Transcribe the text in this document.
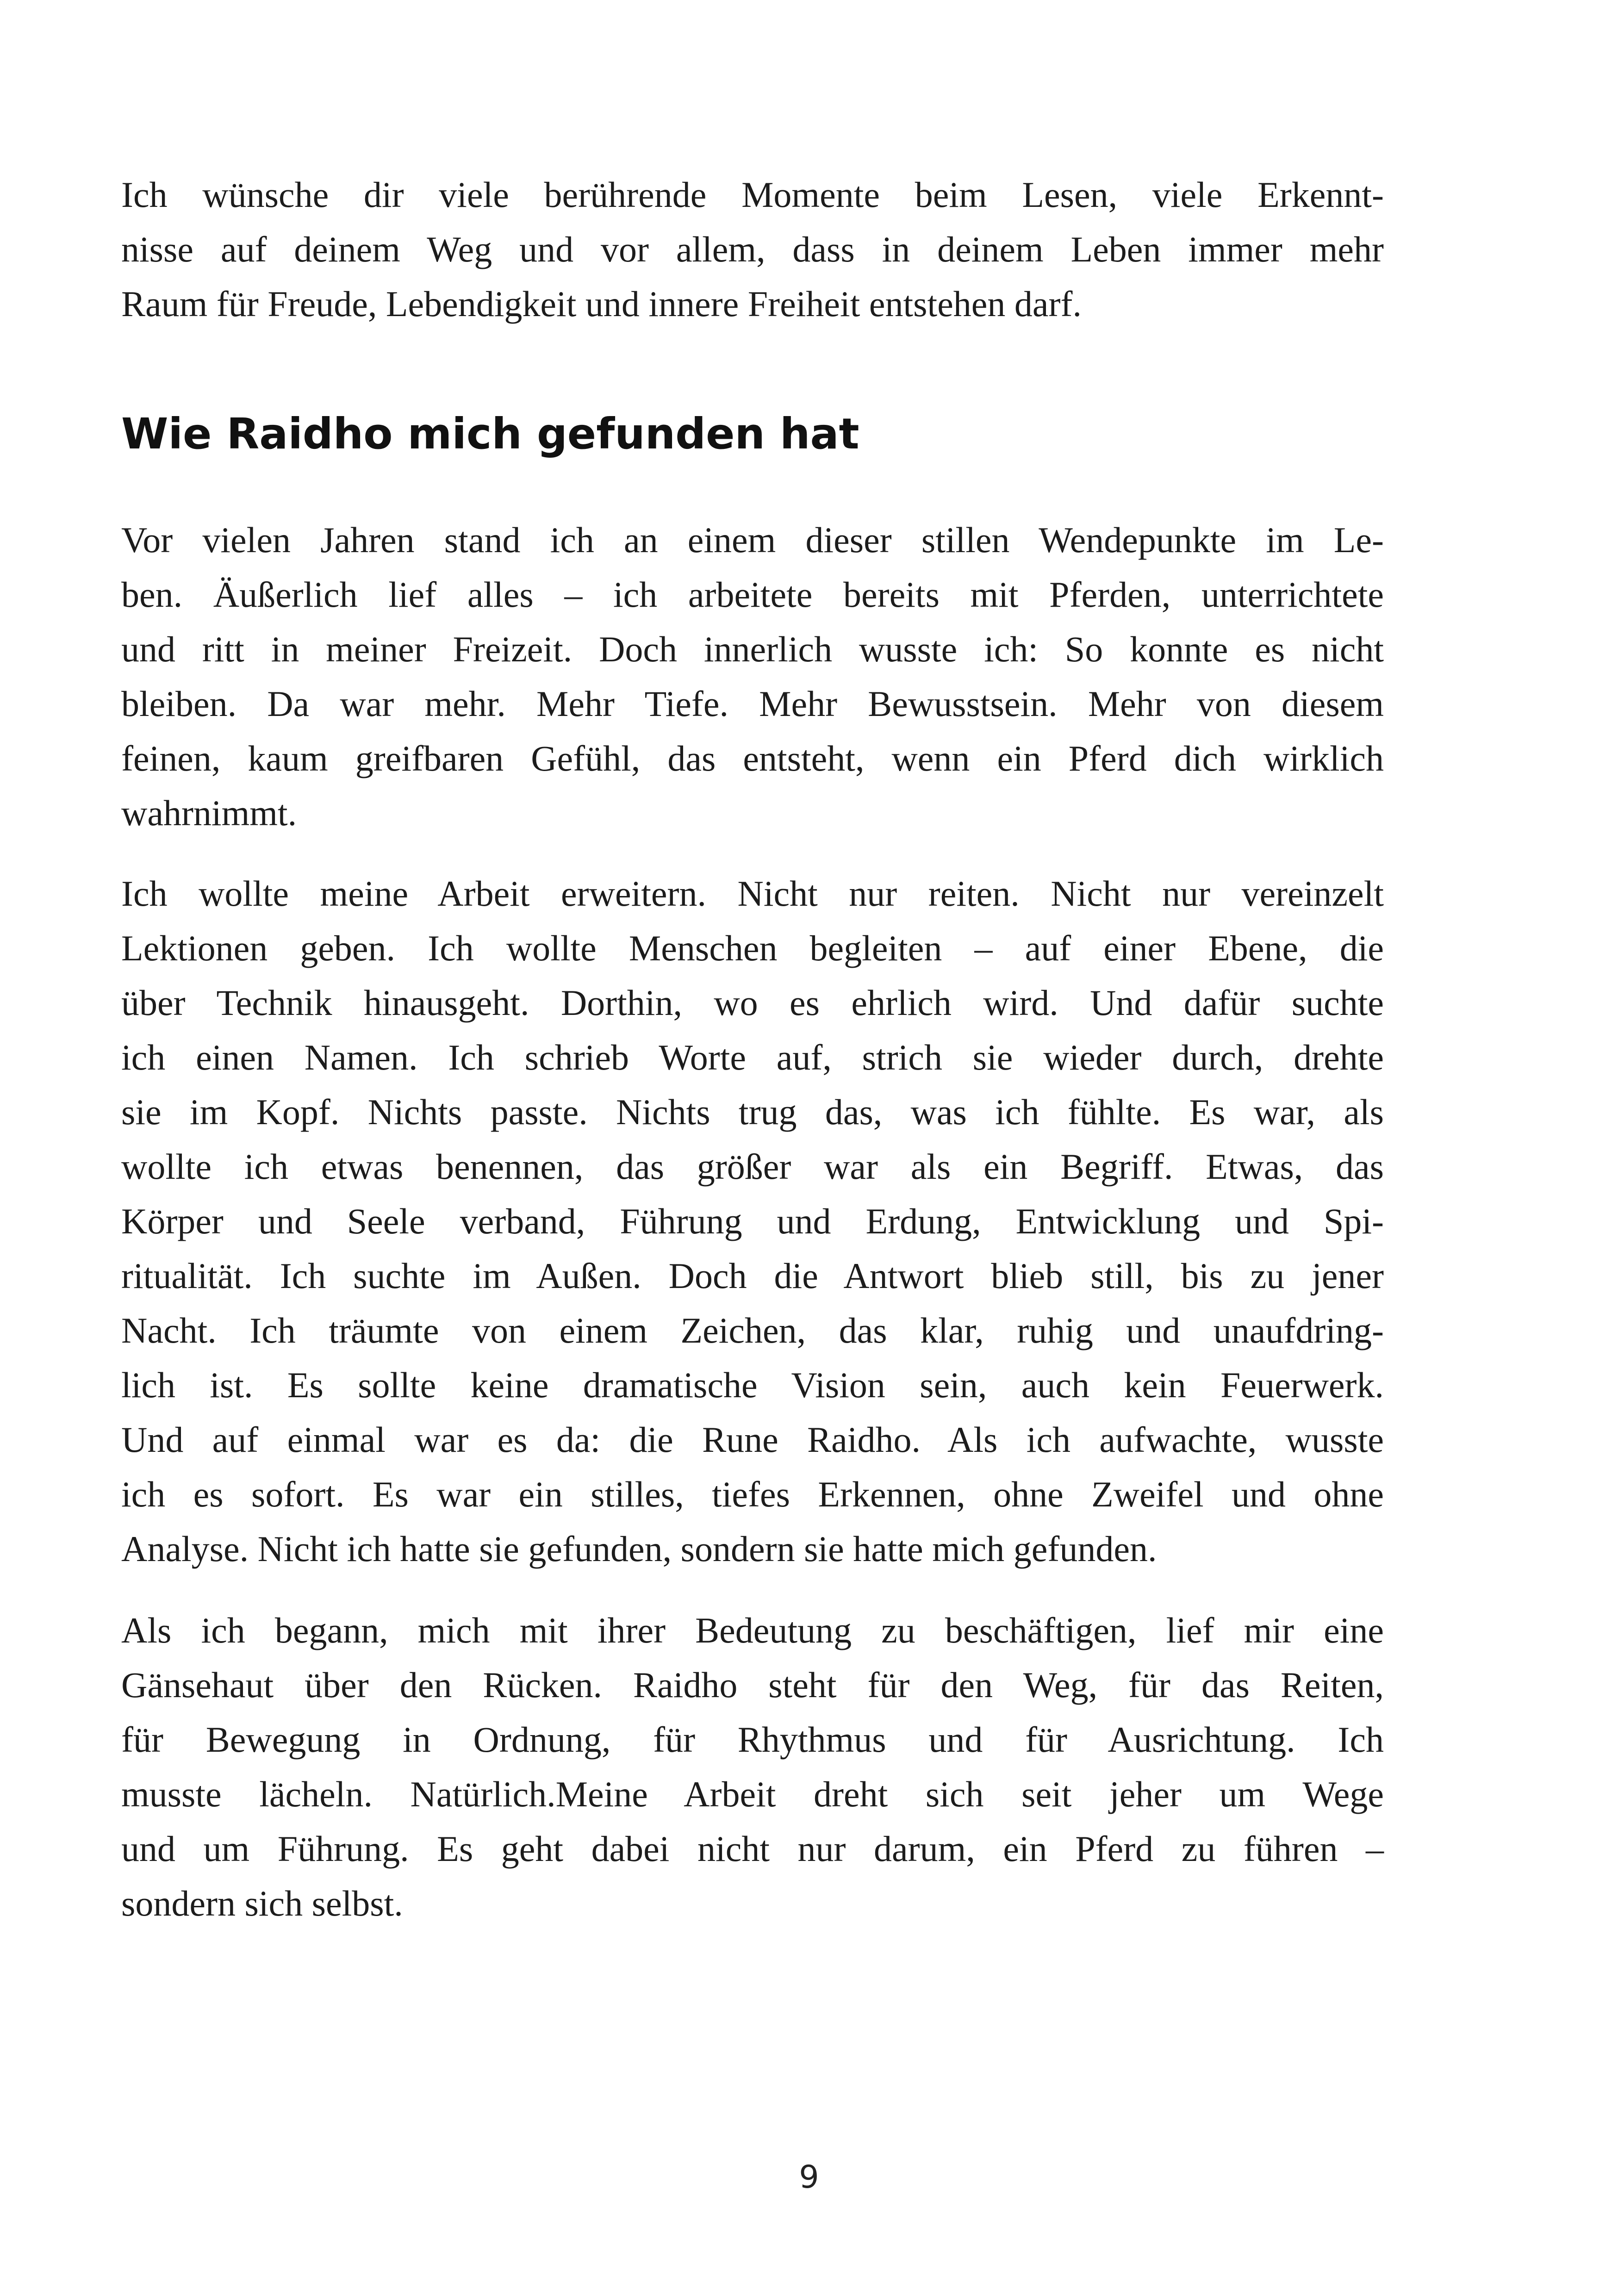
Ich wünsche dir viele berührende Momente beim Lesen, viele Erkennt-
nisse auf deinem Weg und vor allem, dass in deinem Leben immer mehr
Raum für Freude, Lebendigkeit und innere Freiheit entstehen darf.
Wie Raidho mich gefunden hat
Vor vielen Jahren stand ich an einem dieser stillen Wendepunkte im Le-
ben. Äußerlich lief alles – ich arbeitete bereits mit Pferden, unterrichtete
und ritt in meiner Freizeit. Doch innerlich wusste ich: So konnte es nicht
bleiben. Da war mehr. Mehr Tiefe. Mehr Bewusstsein. Mehr von diesem
feinen, kaum greifbaren Gefühl, das entsteht, wenn ein Pferd dich wirklich
wahrnimmt.
Ich wollte meine Arbeit erweitern. Nicht nur reiten. Nicht nur vereinzelt
Lektionen geben. Ich wollte Menschen begleiten – auf einer Ebene, die
über Technik hinausgeht. Dorthin, wo es ehrlich wird. Und dafür suchte
ich einen Namen. Ich schrieb Worte auf, strich sie wieder durch, drehte
sie im Kopf. Nichts passte. Nichts trug das, was ich fühlte. Es war, als
wollte ich etwas benennen, das größer war als ein Begriff. Etwas, das
Körper und Seele verband, Führung und Erdung, Entwicklung und Spi-
ritualität. Ich suchte im Außen. Doch die Antwort blieb still, bis zu jener
Nacht. Ich träumte von einem Zeichen, das klar, ruhig und unaufdring-
lich ist. Es sollte keine dramatische Vision sein, auch kein Feuerwerk.
Und auf einmal war es da: die Rune Raidho. Als ich aufwachte, wusste
ich es sofort. Es war ein stilles, tiefes Erkennen, ohne Zweifel und ohne
Analyse. Nicht ich hatte sie gefunden, sondern sie hatte mich gefunden.
Als ich begann, mich mit ihrer Bedeutung zu beschäftigen, lief mir eine
Gänsehaut über den Rücken. Raidho steht für den Weg, für das Reiten,
für Bewegung in Ordnung, für Rhythmus und für Ausrichtung. Ich
musste lächeln. Natürlich.Meine Arbeit dreht sich seit jeher um Wege
und um Führung. Es geht dabei nicht nur darum, ein Pferd zu führen –
sondern sich selbst.
9
